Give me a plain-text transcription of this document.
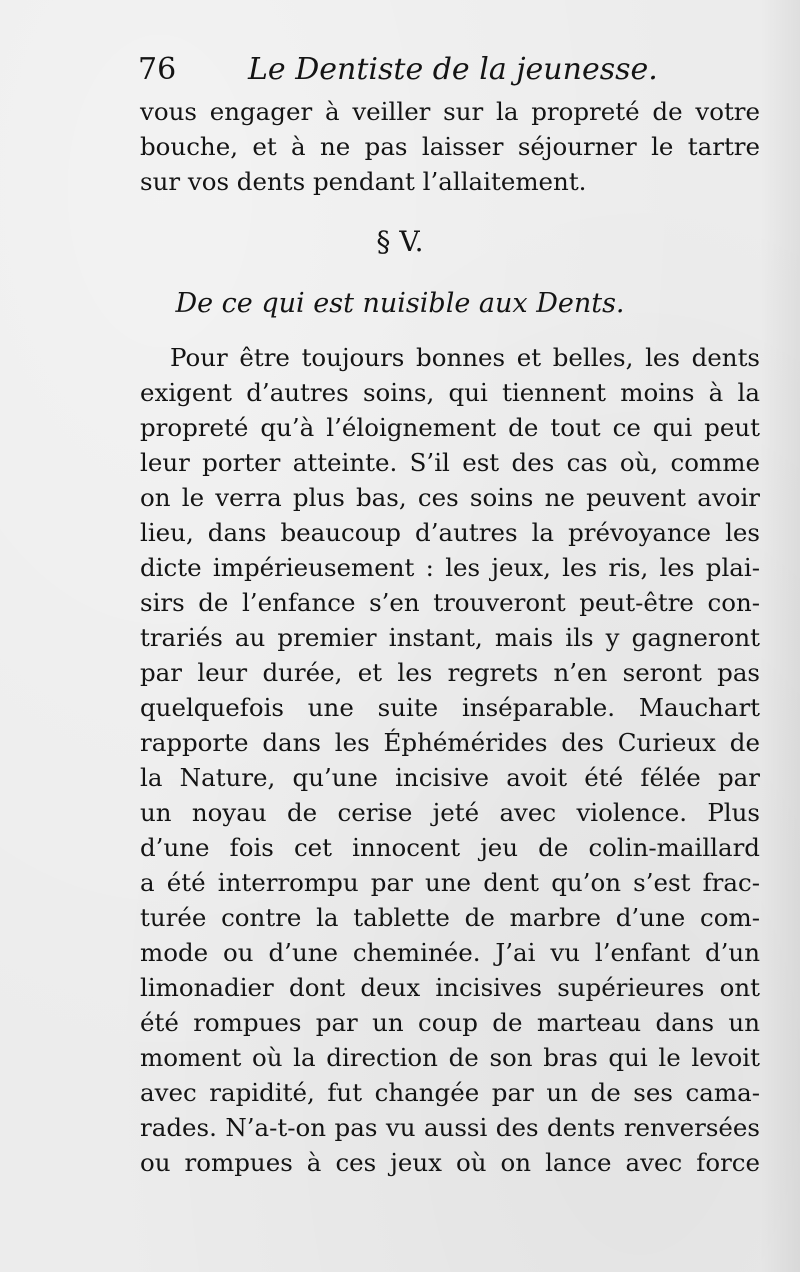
76 Le Dentiste de la jeunesse.
vous engager à veiller sur la propreté de votre
bouche, et à ne pas laisser séjourner le tartre
sur vos dents pendant l’allaitement.
§ V.
De ce qui est nuisible aux Dents.
Pour être toujours bonnes et belles, les dents
exigent d’autres soins, qui tiennent moins à la
propreté qu’à l’éloignement de tout ce qui peut
leur porter atteinte. S’il est des cas où, comme
on le verra plus bas, ces soins ne peuvent avoir
lieu, dans beaucoup d’autres la prévoyance les
dicte impérieusement : les jeux, les ris, les plai-
sirs de l’enfance s’en trouveront peut-être con-
trariés au premier instant, mais ils y gagneront
par leur durée, et les regrets n’en seront pas
quelquefois une suite inséparable. Mauchart
rapporte dans les Éphémérides des Curieux de
la Nature, qu’une incisive avoit été félée par
un noyau de cerise jeté avec violence. Plus
d’une fois cet innocent jeu de colin-maillard
a été interrompu par une dent qu’on s’est frac-
turée contre la tablette de marbre d’une com-
mode ou d’une cheminée. J’ai vu l’enfant d’un
limonadier dont deux incisives supérieures ont
été rompues par un coup de marteau dans un
moment où la direction de son bras qui le levoit
avec rapidité, fut changée par un de ses cama-
rades. N’a-t-on pas vu aussi des dents renversées
ou rompues à ces jeux où on lance avec force
